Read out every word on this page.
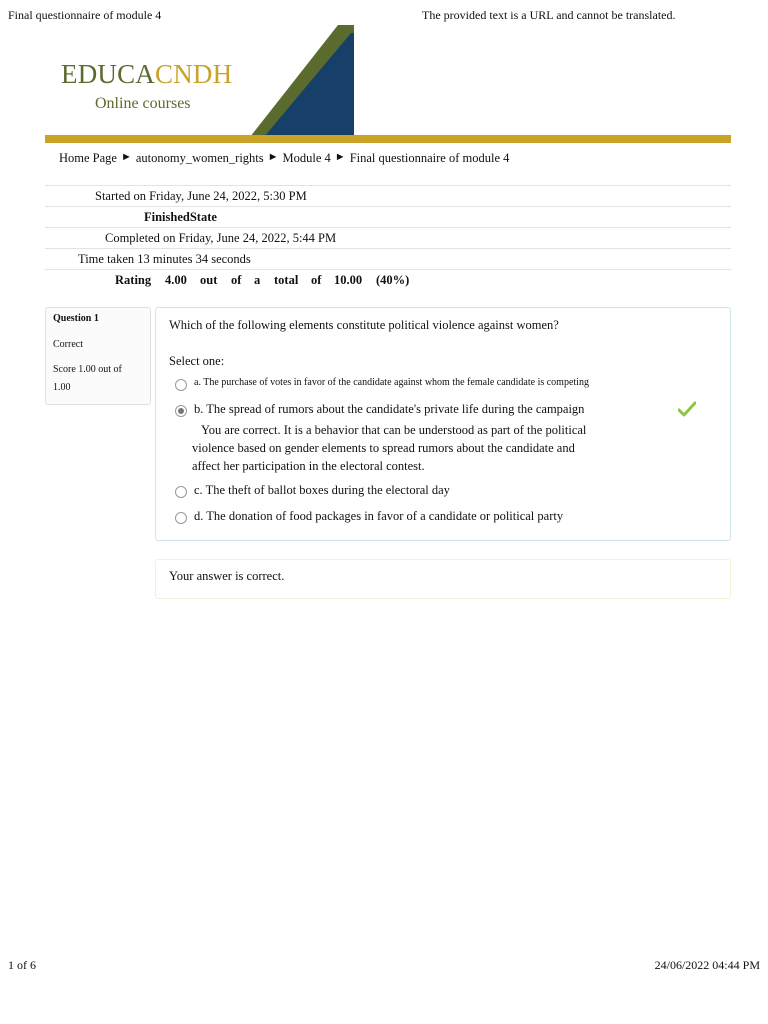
Final questionnaire of module 4	The provided text is a URL and cannot be translated.
EDUCACNDH
Online courses
Home Page ► autonomy_women_rights ► Module 4 ► Final questionnaire of module 4
Started on Friday, June 24, 2022, 5:30 PM
FinishedState
Completed on Friday, June 24, 2022, 5:44 PM
Time taken 13 minutes 34 seconds
Rating 4.00 out of a total of 10.00 (40%)
Question 1
Correct
Score 1.00 out of
1.00
Which of the following elements constitute political violence against women?
Select one:
a. The purchase of votes in favor of the candidate against whom the female candidate is competing
b. The spread of rumors about the candidate's private life during the campaign
You are correct. It is a behavior that can be understood as part of the political violence based on gender elements to spread rumors about the candidate and affect her participation in the electoral contest.
c. The theft of ballot boxes during the electoral day
d. The donation of food packages in favor of a candidate or political party
Your answer is correct.
1 of 6	24/06/2022 04:44 PM
